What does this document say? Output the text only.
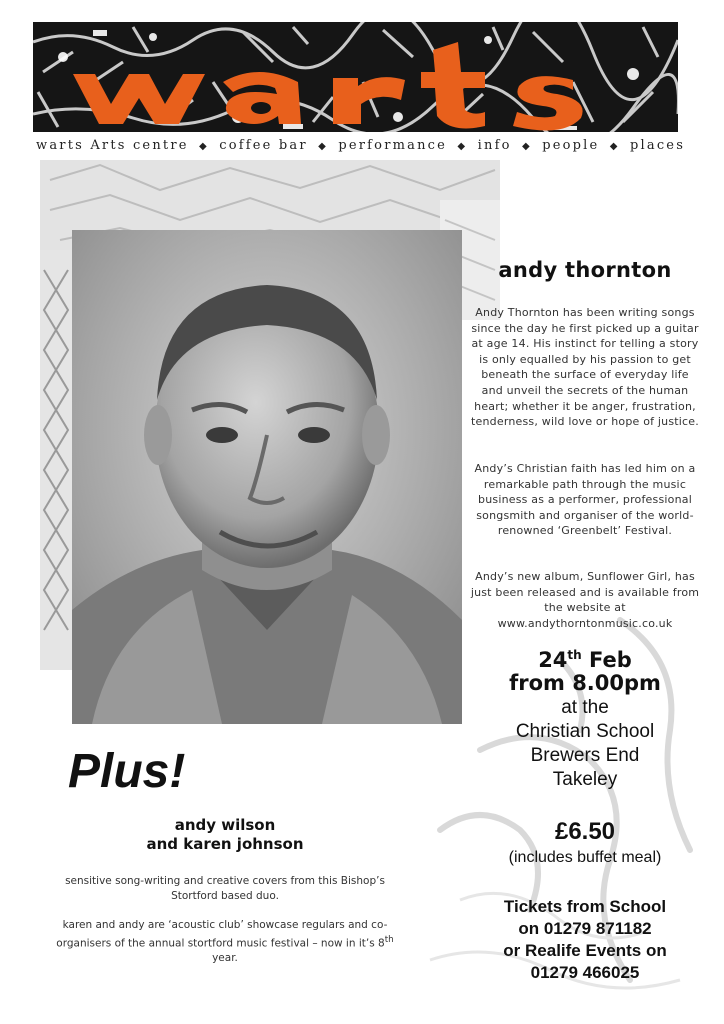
warts
warts Arts centre ◆ coffee bar ◆ performance ◆ info ◆ people ◆ places
andy thornton
Andy Thornton has been writing songs since the day he first picked up a guitar at age 14. His instinct for telling a story is only equalled by his passion to get beneath the surface of everyday life and unveil the secrets of the human heart; whether it be anger, frustration, tenderness, wild love or hope of justice.
Andy’s Christian faith has led him on a remarkable path through the music business as a performer, professional songsmith and organiser of the world-renowned ‘Greenbelt’ Festival.
Andy’s new album, Sunflower Girl, has just been released and is available from the website at www.andythorntonmusic.co.uk
24th Feb
from 8.00pm
at the
Christian School
Brewers End
Takeley
£6.50
(includes buffet meal)
Tickets from School
on 01279 871182
or Realife Events on
01279 466025
Plus!
andy wilson
and karen johnson
sensitive song-writing and creative covers from this Bishop’s Stortford based duo.
karen and andy are ‘acoustic club’ showcase regulars and co-organisers of the annual stortford music festival – now in it’s 8th year.
